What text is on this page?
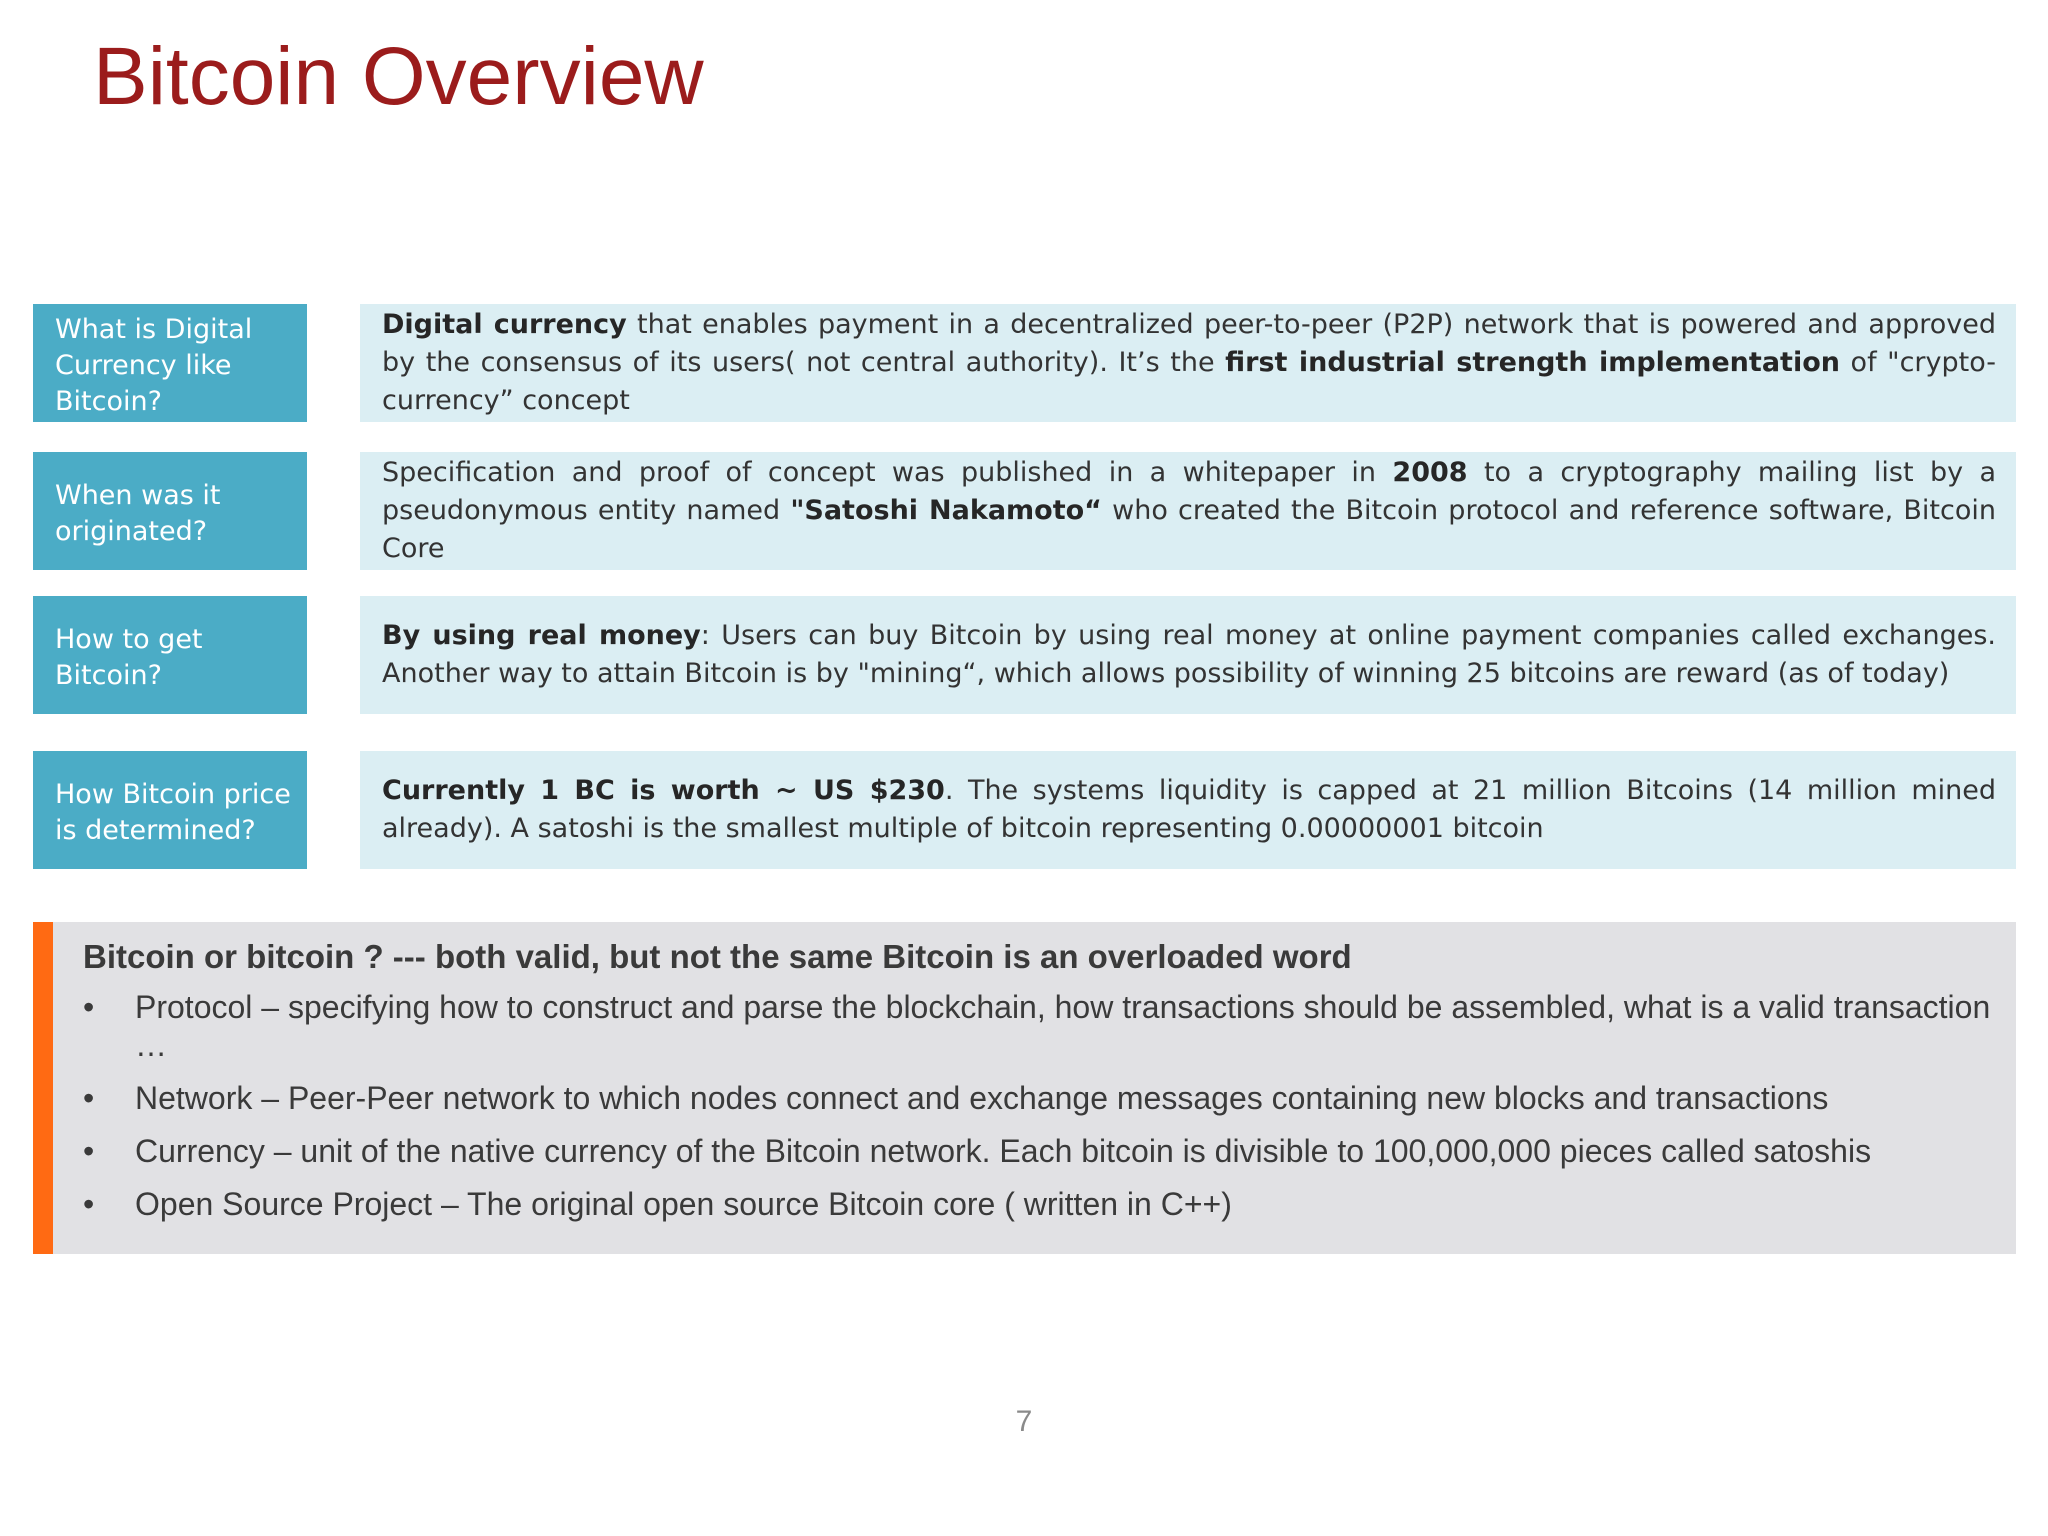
Bitcoin Overview
What is Digital Currency like Bitcoin?
Digital currency that enables payment in a decentralized peer-to-peer (P2P) network that is powered and approved by the consensus of its users( not central authority). It’s the first industrial strength implementation of "crypto-currency” concept
When was it originated?
Specification and proof of concept was published in a whitepaper in 2008 to a cryptography mailing list by a pseudonymous entity named "Satoshi Nakamoto“ who created the Bitcoin protocol and reference software, Bitcoin Core
How to get Bitcoin?
By using real money: Users can buy Bitcoin by using real money at online payment companies called exchanges. Another way to attain Bitcoin is by "mining“, which allows possibility of winning 25 bitcoins are reward (as of today)
How Bitcoin price is determined?
Currently 1 BC is worth ~ US $230. The systems liquidity is capped at 21 million Bitcoins (14 million mined already). A satoshi is the smallest multiple of bitcoin representing 0.00000001 bitcoin
Bitcoin or bitcoin ? --- both valid, but not the same Bitcoin is an overloaded word
• Protocol – specifying how to construct and parse the blockchain, how transactions should be assembled, what is a valid transaction …
• Network – Peer-Peer network to which nodes connect and exchange messages containing new blocks and transactions
• Currency – unit of the native currency of the Bitcoin network. Each bitcoin is divisible to 100,000,000 pieces called satoshis
• Open Source Project – The original open source Bitcoin core ( written in C++)
7
